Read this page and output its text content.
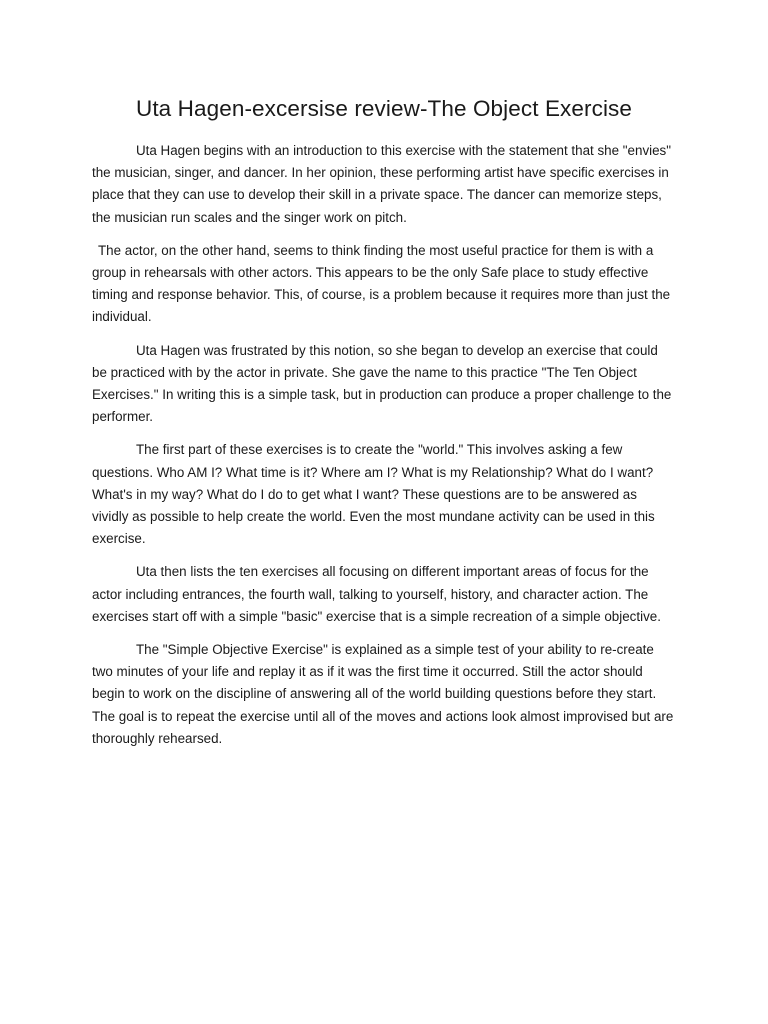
Uta Hagen-excersise review-The Object Exercise

Uta Hagen begins with an introduction to this exercise with the statement that she "envies" the musician, singer, and dancer. In her opinion, these performing artist have specific exercises in place that they can use to develop their skill in a private space. The dancer can memorize steps, the musician run scales and the singer work on pitch.

The actor, on the other hand, seems to think finding the most useful practice for them is with a group in rehearsals with other actors. This appears to be the only Safe place to study effective timing and response behavior. This, of course, is a problem because it requires more than just the individual.

Uta Hagen was frustrated by this notion, so she began to develop an exercise that could be practiced with by the actor in private. She gave the name to this practice "The Ten Object Exercises." In writing this is a simple task, but in production can produce a proper challenge to the performer.

The first part of these exercises is to create the "world." This involves asking a few questions. Who AM I? What time is it? Where am I? What is my Relationship? What do I want? What's in my way? What do I do to get what I want? These questions are to be answered as vividly as possible to help create the world. Even the most mundane activity can be used in this exercise.

Uta then lists the ten exercises all focusing on different important areas of focus for the actor including entrances, the fourth wall, talking to yourself, history, and character action. The exercises start off with a simple "basic" exercise that is a simple recreation of a simple objective.

The "Simple Objective Exercise" is explained as a simple test of your ability to re-create two minutes of your life and replay it as if it was the first time it occurred. Still the actor should begin to work on the discipline of answering all of the world building questions before they start. The goal is to repeat the exercise until all of the moves and actions look almost improvised but are thoroughly rehearsed.
